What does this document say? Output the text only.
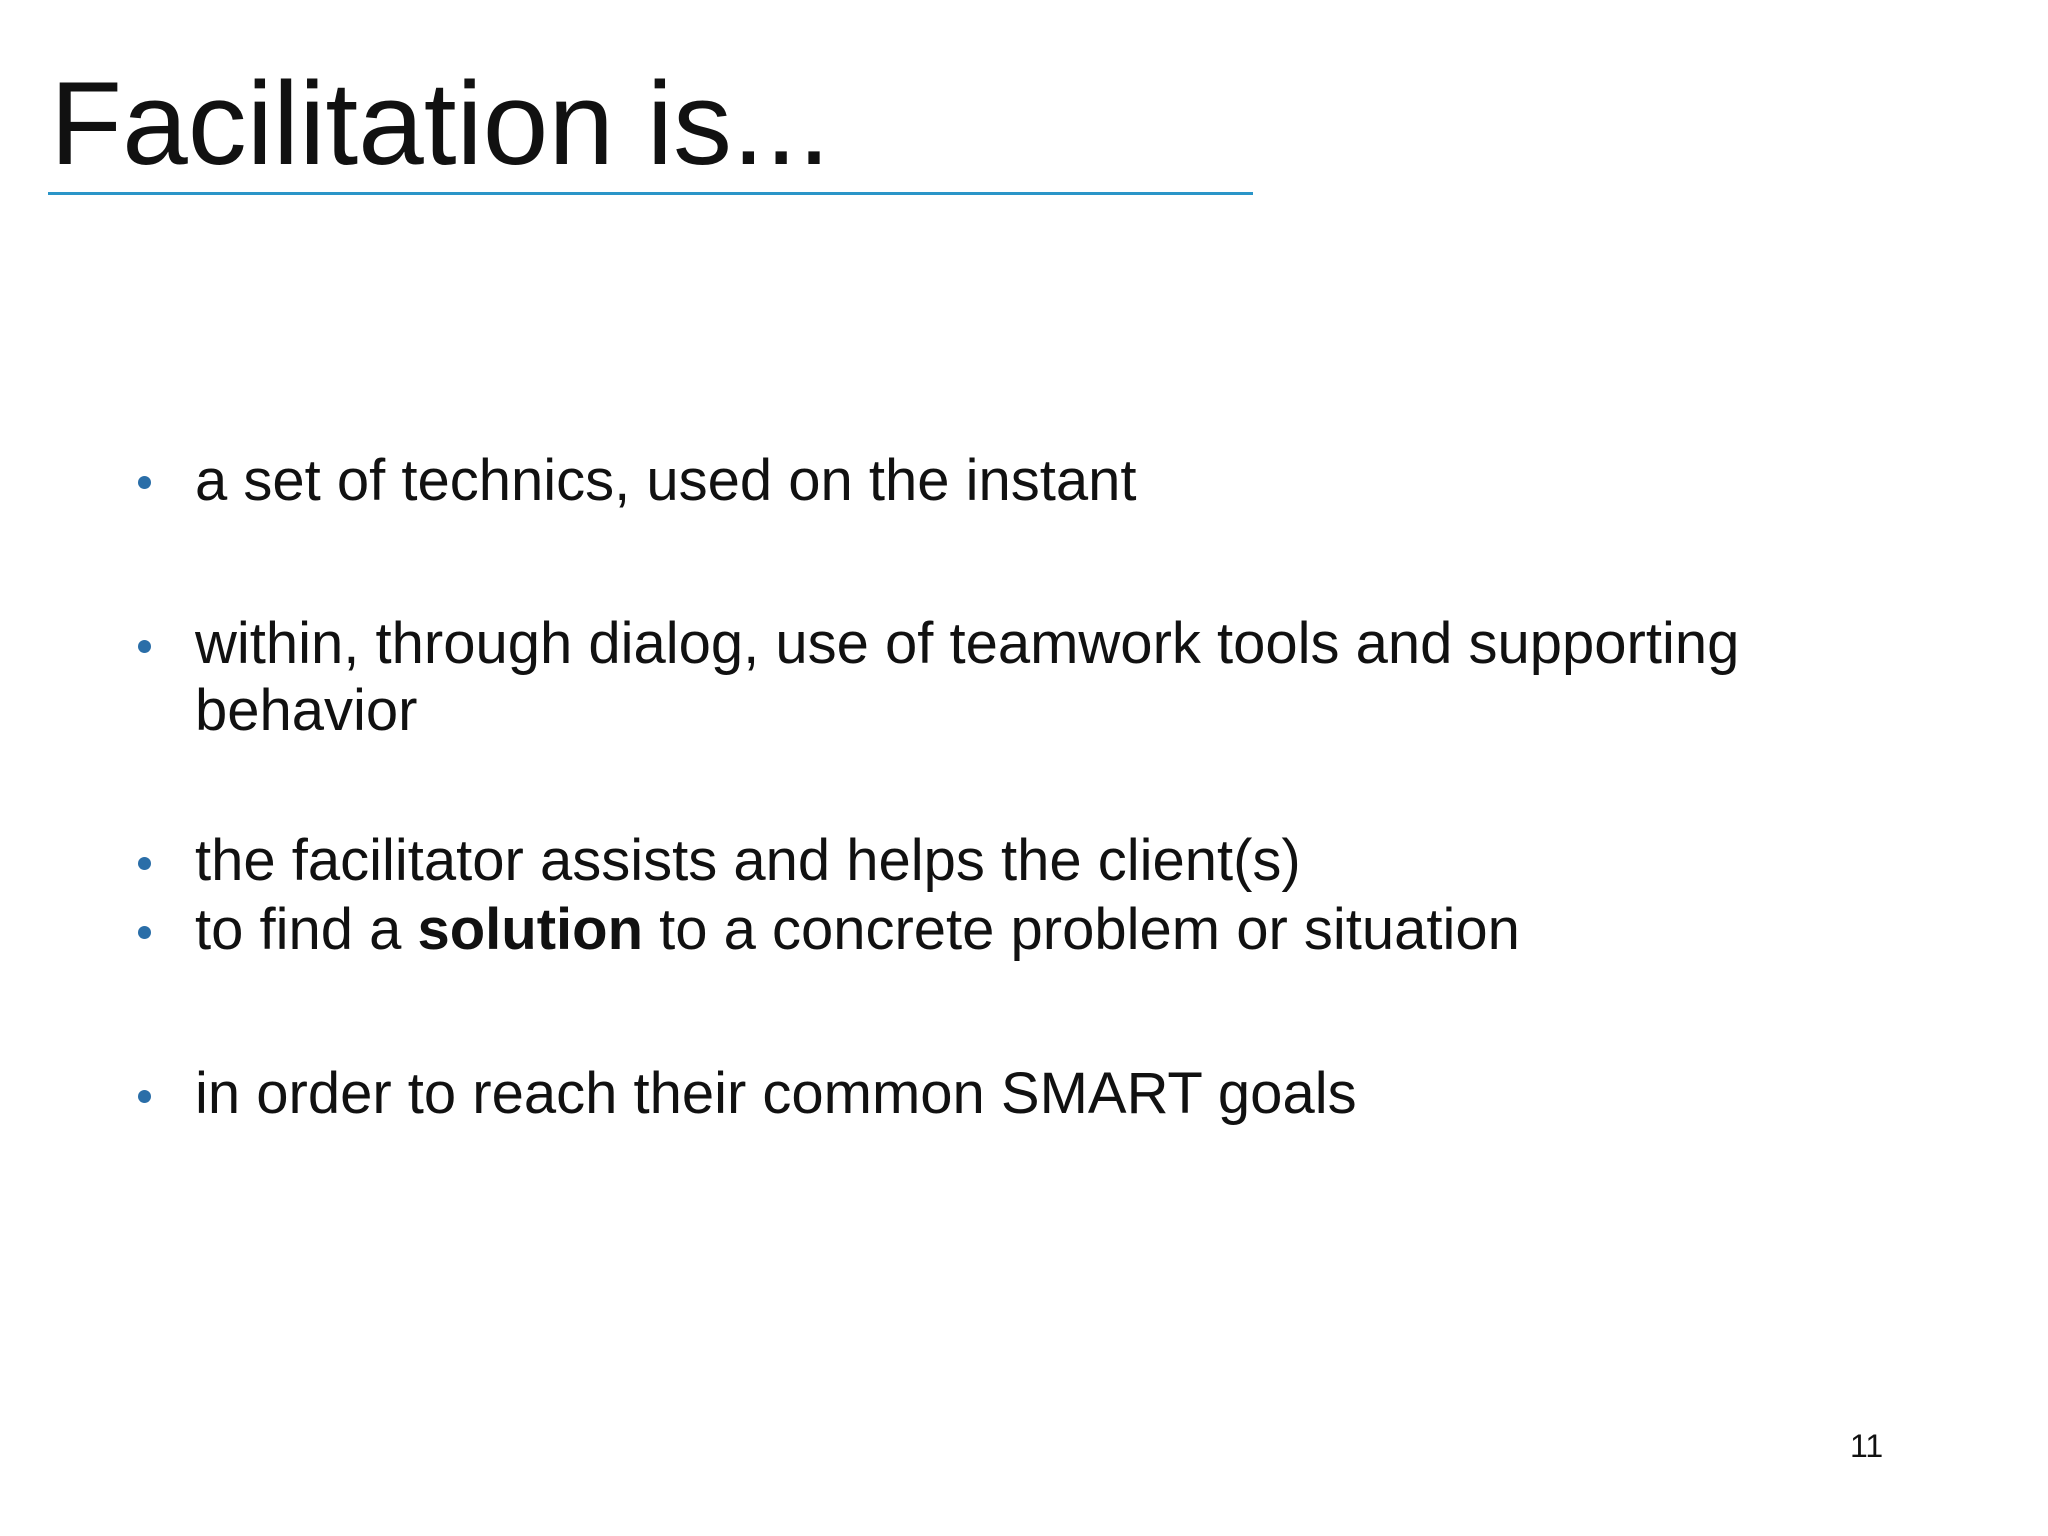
Facilitation is...
a set of technics, used on the instant
within, through dialog, use of teamwork tools and supporting behavior
the facilitator assists and helps the client(s)
to find a solution to a concrete problem or situation
in order to reach their common SMART goals
11
